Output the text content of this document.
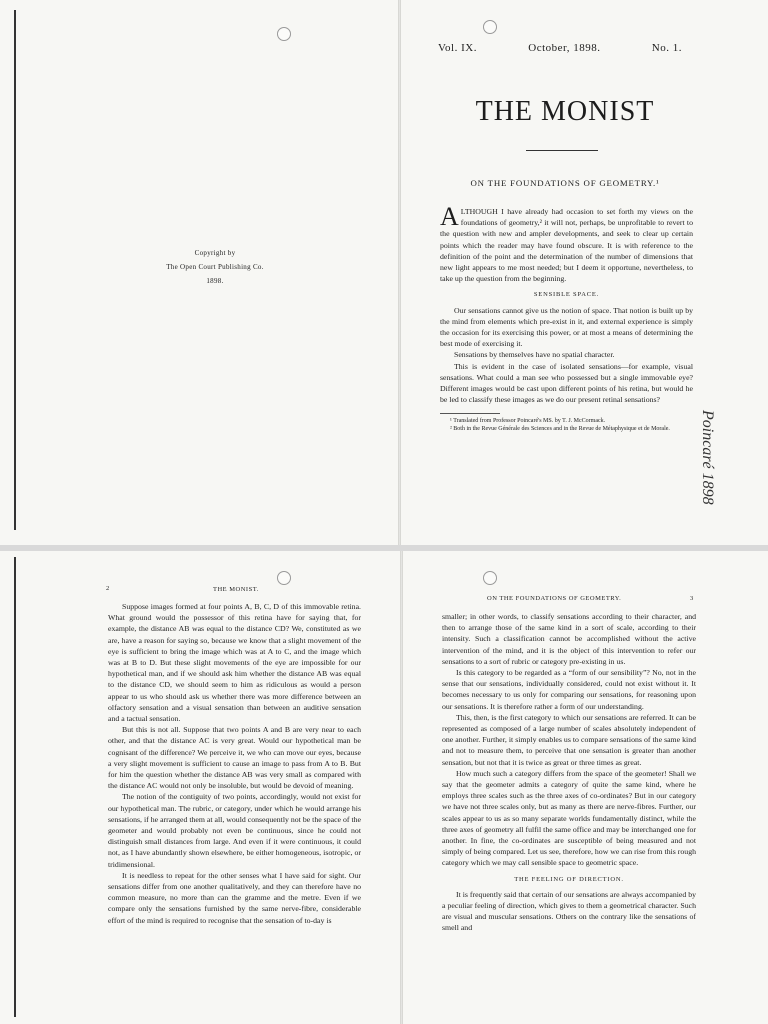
Copyright by
The Open Court Publishing Co.
1898.
Vol. IX.	October, 1898.	No. 1.
THE MONIST
ON THE FOUNDATIONS OF GEOMETRY.¹

ALTHOUGH I have already had occasion to set forth my views on the foundations of geometry,² it will not, perhaps, be unprofitable to revert to the question with new and ampler developments, and seek to clear up certain points which the reader may have found obscure. It is with reference to the definition of the point and the determination of the number of dimensions that new light appears to me most needed; but I deem it opportune, nevertheless, to take up the question from the beginning.

SENSIBLE SPACE.

Our sensations cannot give us the notion of space. That notion is built up by the mind from elements which pre-exist in it, and external experience is simply the occasion for its exercising this power, or at most a means of determining the best mode of exercising it.

Sensations by themselves have no spatial character.

This is evident in the case of isolated sensations—for example, visual sensations. What could a man see who possessed but a single immovable eye? Different images would be cast upon different points of his retina, but would he be led to classify these images as we do our present retinal sensations?

¹ Translated from Professor Poincaré's MS. by T. J. McCormack.
² Both in the Revue Générale des Sciences and in the Revue de Métaphysique et de Morale.	Poincaré 1898
2	THE MONIST.

Suppose images formed at four points A, B, C, D of this immovable retina. What ground would the possessor of this retina have for saying that, for example, the distance AB was equal to the distance CD? We, constituted as we are, have a reason for saying so, because we know that a slight movement of the eye is sufficient to bring the image which was at A to C, and the image which was at B to D. But these slight movements of the eye are impossible for our hypothetical man, and if we should ask him whether the distance AB was equal to the distance CD, we should seem to him as ridiculous as would a person appear to us who should ask us whether there was more difference between an olfactory sensation and a visual sensation than between an auditive sensation and a tactual sensation.

But this is not all. Suppose that two points A and B are very near to each other, and that the distance AC is very great. Would our hypothetical man be cognisant of the difference? We perceive it, we who can move our eyes, because a very slight movement is sufficient to cause an image to pass from A to B. But for him the question whether the distance AB was very small as compared with the distance AC would not only be insoluble, but would be devoid of meaning.

The notion of the contiguity of two points, accordingly, would not exist for our hypothetical man. The rubric, or category, under which he would arrange his sensations, if he arranged them at all, would consequently not be the space of the geometer and would probably not even be continuous, since he could not distinguish small distances from large. And even if it were continuous, it could not, as I have abundantly shown elsewhere, be either homogeneous, isotropic, or tridimensional.

It is needless to repeat for the other senses what I have said for sight. Our sensations differ from one another qualitatively, and they can therefore have no common measure, no more than can the gramme and the metre. Even if we compare only the sensations furnished by the same nerve-fibre, considerable effort of the mind is required to recognise that the sensation of to-day is

ON THE FOUNDATIONS OF GEOMETRY.	3

smaller; in other words, to classify sensations according to their character, and then to arrange those of the same kind in a sort of scale, according to their intensity. Such a classification cannot be accomplished without the active intervention of the mind, and it is the object of this intervention to refer our sensations to a sort of rubric or category pre-existing in us.

Is this category to be regarded as a “form of our sensibility”? No, not in the sense that our sensations, individually considered, could not exist without it. It becomes necessary to us only for comparing our sensations, for reasoning upon our sensations. It is therefore rather a form of our understanding.

This, then, is the first category to which our sensations are referred. It can be represented as composed of a large number of scales absolutely independent of one another. Further, it simply enables us to compare sensations of the same kind and not to measure them, to perceive that one sensation is greater than another sensation, but not that it is twice as great or three times as great.

How much such a category differs from the space of the geometer! Shall we say that the geometer admits a category of quite the same kind, where he employs three scales such as the three axes of co-ordinates? But in our category we have not three scales only, but as many as there are nerve-fibres. Further, our scales appear to us as so many separate worlds fundamentally distinct, while the three axes of geometry all fulfil the same office and may be interchanged one for another. In fine, the co-ordinates are susceptible of being measured and not simply of being compared. Let us see, therefore, how we can rise from this rough category which we may call sensible space to geometric space.

THE FEELING OF DIRECTION.

It is frequently said that certain of our sensations are always accompanied by a peculiar feeling of direction, which gives to them a geometrical character. Such are visual and muscular sensations. Others on the contrary like the sensations of smell and
